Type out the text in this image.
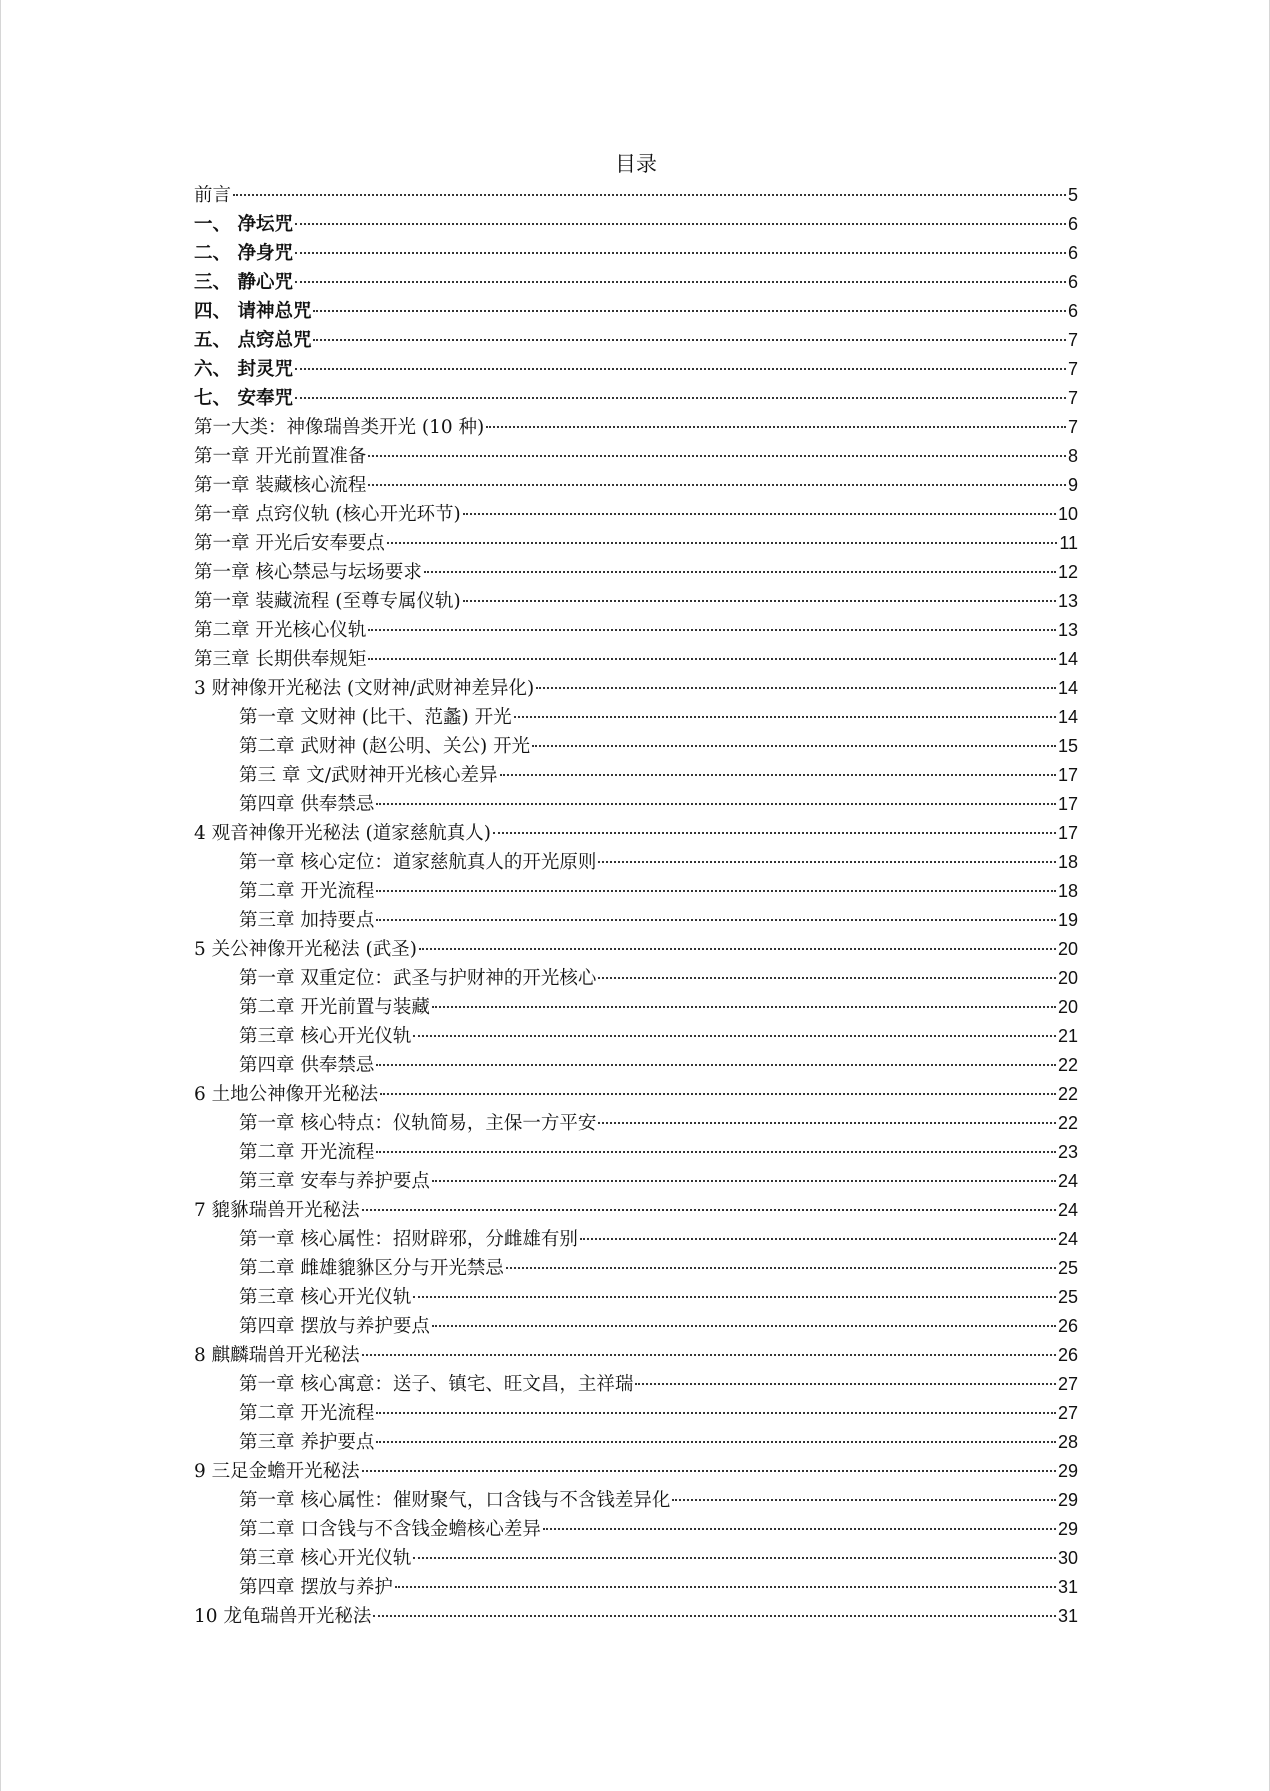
目录
前言	5
一、 净坛咒	6
二、 净身咒	6
三、 静心咒	6
四、 请神总咒	6
五、 点窍总咒	7
六、 封灵咒	7
七、 安奉咒	7
第一大类：神像瑞兽类开光 (10 种)	7
第一章 开光前置准备	8
第一章 装藏核心流程	9
第一章 点窍仪轨 (核心开光环节)	10
第一章 开光后安奉要点	11
第一章 核心禁忌与坛场要求	12
第一章 装藏流程 (至尊专属仪轨)	13
第二章 开光核心仪轨	13
第三章 长期供奉规矩	14
3 财神像开光秘法 (文财神/武财神差异化)	14
第一章 文财神 (比干、范蠡) 开光	14
第二章 武财神 (赵公明、关公) 开光	15
第三 章 文/武财神开光核心差异	17
第四章 供奉禁忌	17
4 观音神像开光秘法 (道家慈航真人)	17
第一章 核心定位：道家慈航真人的开光原则	18
第二章 开光流程	18
第三章 加持要点	19
5 关公神像开光秘法 (武圣)	20
第一章 双重定位：武圣与护财神的开光核心	20
第二章 开光前置与装藏	20
第三章 核心开光仪轨	21
第四章 供奉禁忌	22
6 土地公神像开光秘法	22
第一章 核心特点：仪轨简易，主保一方平安	22
第二章 开光流程	23
第三章 安奉与养护要点	24
7 貔貅瑞兽开光秘法	24
第一章 核心属性：招财辟邪，分雌雄有别	24
第二章 雌雄貔貅区分与开光禁忌	25
第三章 核心开光仪轨	25
第四章 摆放与养护要点	26
8 麒麟瑞兽开光秘法	26
第一章 核心寓意：送子、镇宅、旺文昌，主祥瑞	27
第二章 开光流程	27
第三章 养护要点	28
9 三足金蟾开光秘法	29
第一章 核心属性：催财聚气，口含钱与不含钱差异化	29
第二章 口含钱与不含钱金蟾核心差异	29
第三章 核心开光仪轨	30
第四章 摆放与养护	31
10 龙龟瑞兽开光秘法	31
